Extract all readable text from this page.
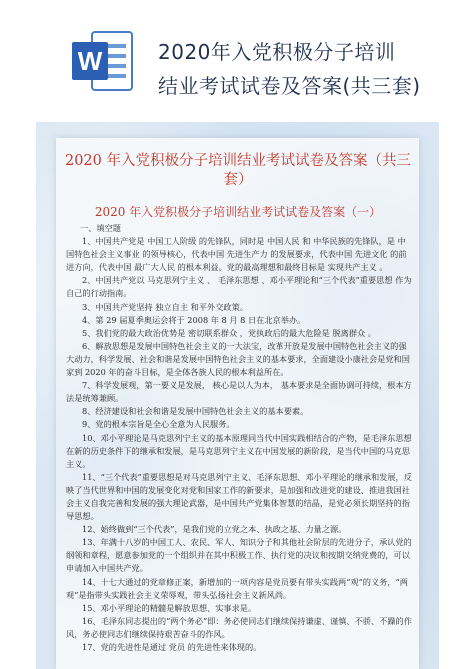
W	2020年入党积极分子培训
结业考试试卷及答案(共三套)
2020 年入党积极分子培训结业考试试卷及答案（共三套）
2020 年入党积极分子培训结业考试试卷及答案（一）

一、填空题

1、中国共产党是 中国工人阶级 的先锋队，同时是 中国人民 和 中华民族的先锋队，是 中国特色社会主义事业 的领导核心，代表中国 先进生产力 的发展要求，代表中国 先进文化 的前进方向，代表中国 最广大人民 的根本利益。党的最高理想和最终目标是 实现共产主义 。

2、中国共产党以 马克思列宁主义 、 毛泽东思想 、邓小平理论和“三个代表”重要思想 作为自己的行动指南。

3、中国共产党坚持 独立自主 和平外交政策。

4、第 29 届夏季奥运会将于 2008 年 8 月 8 日在北京举办。

5、我们党的最大政治优势是 密切联系群众 ，党执政后的最大危险是 脱离群众 。

6、解放思想是发展中国特色社会主义的一大法宝，改革开放是发展中国特色社会主义的强大动力，科学发展、社会和谐是发展中国特色社会主义的基本要求，全面建设小康社会是党和国家到 2020 年的奋斗目标，是全体各族人民的根本利益所在。

7、科学发展观，第一要义是发展， 核心是以人为本， 基本要求是全面协调可持续，根本方法是统筹兼顾。

8、经济建设和社会和谐是发展中国特色社会主义的基本要素。

9、党的根本宗旨是全心全意为人民服务。

10、邓小平理论是马克思列宁主义的基本原理同当代中国实践相结合的产物，是毛泽东思想在新的历史条件下的继承和发展，是马克思列宁主义在中国发展的新阶段，是当代中国的马克思主义。

11、“三个代表”重要思想是对马克思列宁主义、毛泽东思想、邓小平理论的继承和发展，反映了当代世界和中国的发展变化对党和国家工作的新要求，是加强和改进党的建设、推进我国社会主义自我完善和发展的强大理论武器，是中国共产党集体智慧的结晶，是党必须长期坚持的指导思想。

12、始终做到“三个代表”，是我们党的立党之本、执政之基、力量之源。

13、年满十八岁的中国工人、农民、军人、知识分子和其他社会阶层的先进分子，承认党的纲领和章程，愿意参加党的一个组织并在其中积极工作、执行党的决议和按期交纳党费的，可以申请加入中国共产党。

14、十七大通过的党章修正案，新增加的一项内容是党员要有带头实践两“观”的义务，“两观”是指带头实践社会主义荣辱观，带头弘扬社会主义新风尚。

15、邓小平理论的精髓是解放思想、实事求是。

16、毛泽东同志提出的“两个务必”即：务必使同志们继续保持谦虚、谨慎、不骄、不躁的作风，务必使同志们继续保持艰苦奋斗的作风。

17、党的先进性是通过 党员 的先进性来体现的。
